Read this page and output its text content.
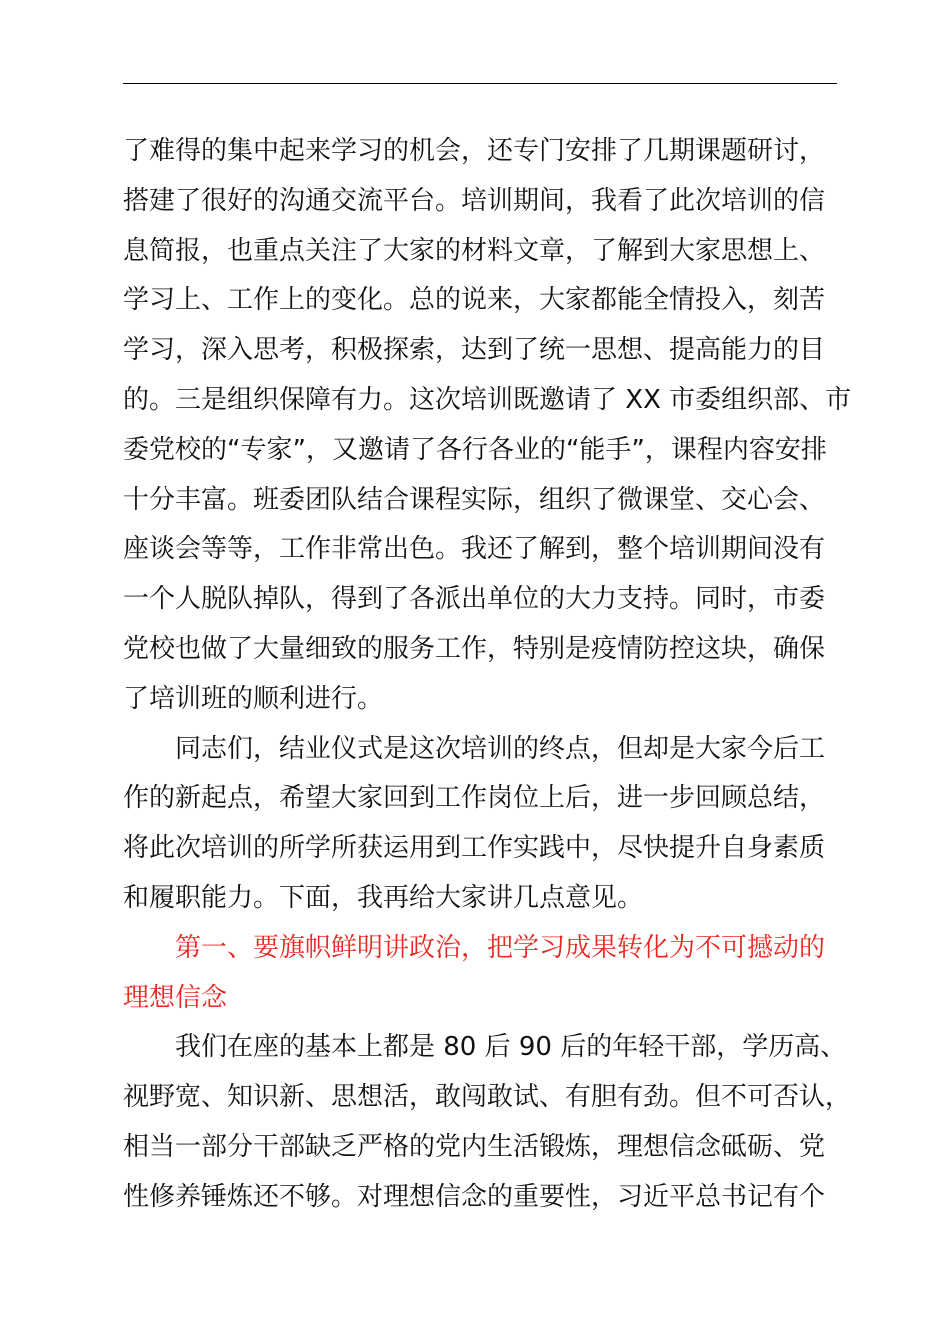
了难得的集中起来学习的机会，还专门安排了几期课题研讨，
搭建了很好的沟通交流平台。培训期间，我看了此次培训的信
息简报，也重点关注了大家的材料文章，了解到大家思想上、
学习上、工作上的变化。总的说来，大家都能全情投入，刻苦
学习，深入思考，积极探索，达到了统一思想、提高能力的目
的。三是组织保障有力。这次培训既邀请了 XX 市委组织部、市
委党校的“专家”，又邀请了各行各业的“能手”，课程内容安排
十分丰富。班委团队结合课程实际，组织了微课堂、交心会、
座谈会等等，工作非常出色。我还了解到，整个培训期间没有
一个人脱队掉队，得到了各派出单位的大力支持。同时，市委
党校也做了大量细致的服务工作，特别是疫情防控这块，确保
了培训班的顺利进行。
　　同志们，结业仪式是这次培训的终点，但却是大家今后工
作的新起点，希望大家回到工作岗位上后，进一步回顾总结，
将此次培训的所学所获运用到工作实践中，尽快提升自身素质
和履职能力。下面，我再给大家讲几点意见。
　　第一、要旗帜鲜明讲政治，把学习成果转化为不可撼动的
理想信念
　　我们在座的基本上都是 80 后 90 后的年轻干部，学历高、
视野宽、知识新、思想活，敢闯敢试、有胆有劲。但不可否认，
相当一部分干部缺乏严格的党内生活锻炼，理想信念砥砺、党
性修养锤炼还不够。对理想信念的重要性，习近平总书记有个
